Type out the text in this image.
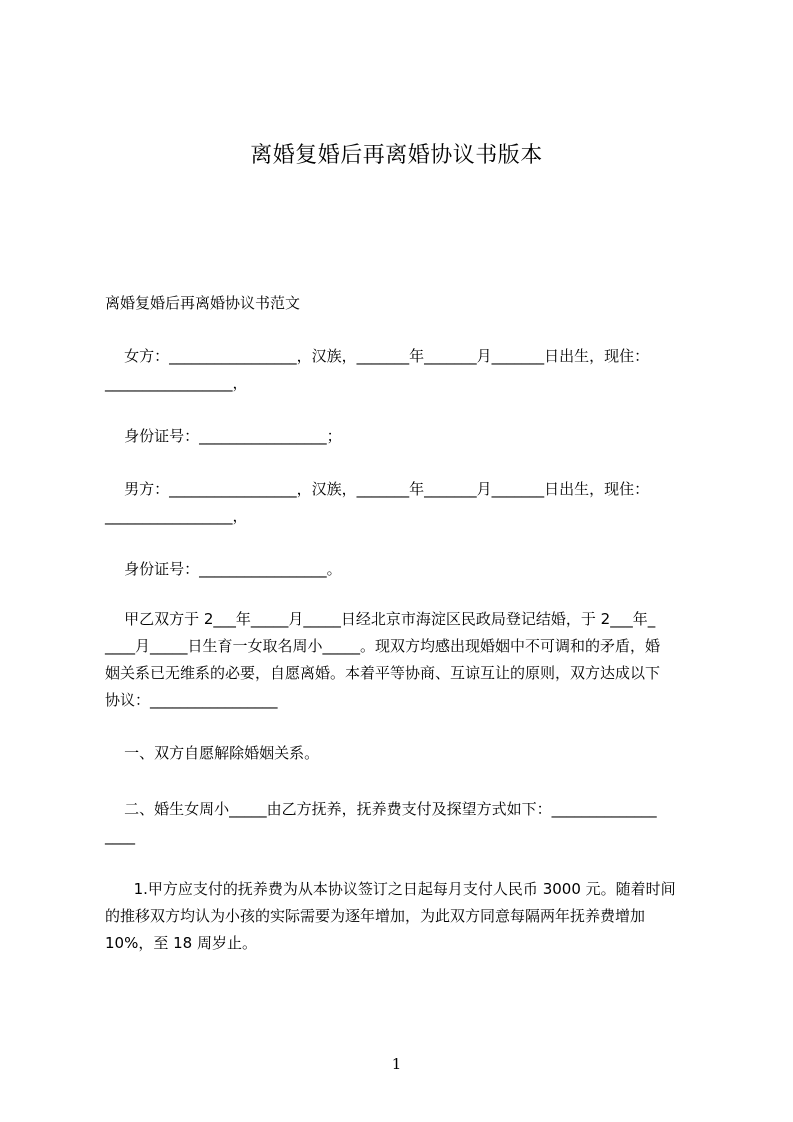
离婚复婚后再离婚协议书版本
离婚复婚后再离婚协议书范文
女方：_________________，汉族，_______年_______月_______日出生，现住：
_________________，
身份证号：_________________；
男方：_________________，汉族，_______年_______月_______日出生，现住：
_________________，
身份证号：_________________。
甲乙双方于 2___年_____月_____日经北京市海淀区民政局登记结婚，于 2___年_
____月_____日生育一女取名周小_____。现双方均感出现婚姻中不可调和的矛盾，婚
姻关系已无维系的必要，自愿离婚。本着平等协商、互谅互让的原则，双方达成以下
协议：_________________
一、双方自愿解除婚姻关系。
二、婚生女周小_____由乙方抚养，抚养费支付及探望方式如下：______________
____
1.甲方应支付的抚养费为从本协议签订之日起每月支付人民币 3000 元。随着时间
的推移双方均认为小孩的实际需要为逐年增加，为此双方同意每隔两年抚养费增加
10%，至 18 周岁止。
1
